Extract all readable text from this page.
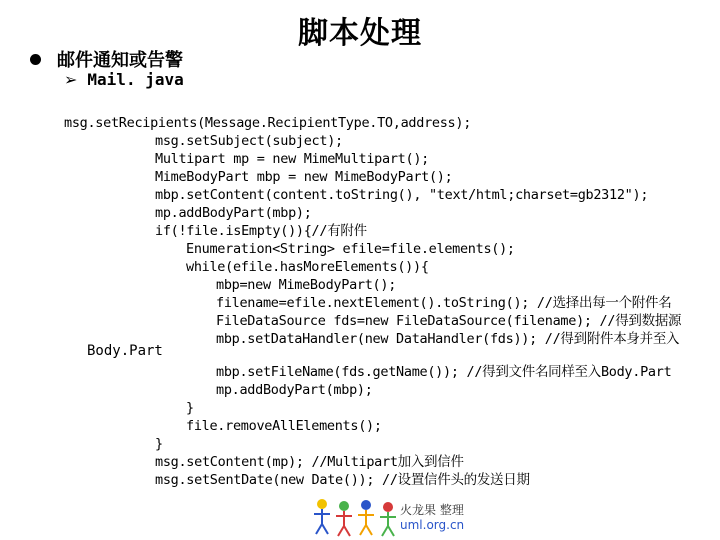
脚本处理
邮件通知或告警
➢ Mail. java
msg.setRecipients(Message.RecipientType.TO,address);
msg.setSubject(subject);
Multipart mp = new MimeMultipart();
MimeBodyPart mbp = new MimeBodyPart();
mbp.setContent(content.toString(), "text/html;charset=gb2312");
mp.addBodyPart(mbp);
if(!file.isEmpty()){//有附件
Enumeration<String> efile=file.elements();
while(efile.hasMoreElements()){
mbp=new MimeBodyPart();
filename=efile.nextElement().toString(); //选择出每一个附件名
FileDataSource fds=new FileDataSource(filename); //得到数据源
mbp.setDataHandler(new DataHandler(fds)); //得到附件本身并至入
mbp.setFileName(fds.getName()); //得到文件名同样至入Body.Part
mp.addBodyPart(mbp);
}
file.removeAllElements();
}
msg.setContent(mp); //Multipart加入到信件
msg.setSentDate(new Date()); //设置信件头的发送日期
Body.Part
火龙果 整理
uml.org.cn
